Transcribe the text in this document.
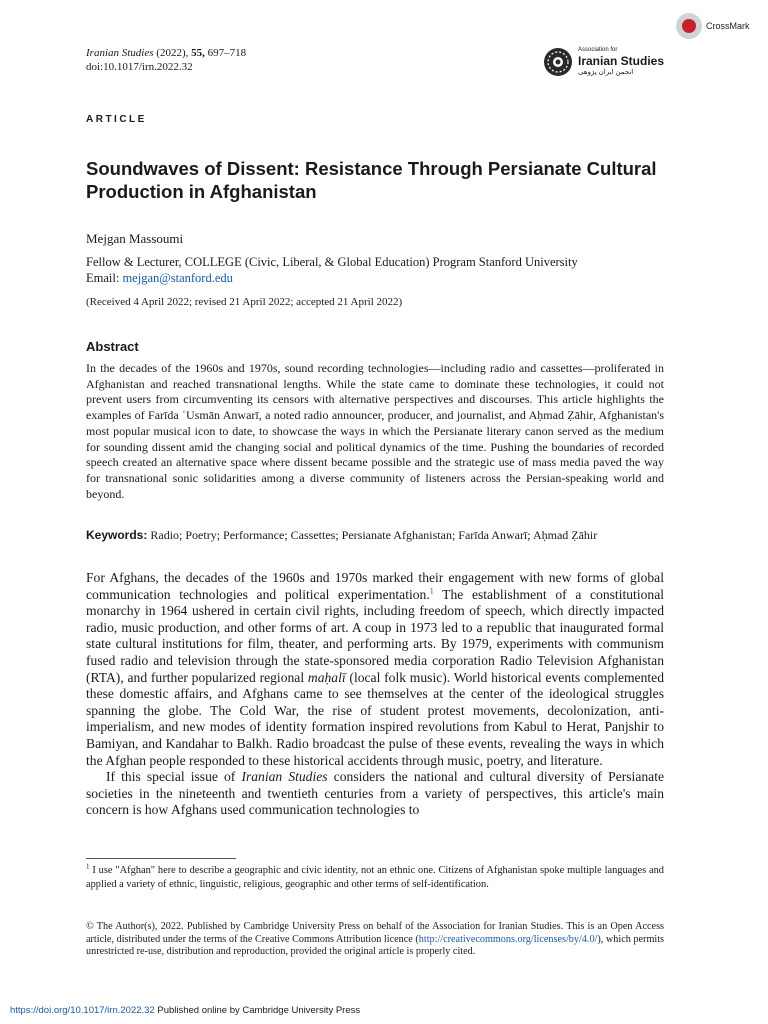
Iranian Studies (2022), 55, 697–718
doi:10.1017/irn.2022.32
CrossMark
Association for
Iranian Studies
انجمن ایران پژوهی
ARTICLE
Soundwaves of Dissent: Resistance Through Persianate Cultural Production in Afghanistan
Mejgan Massoumi
Fellow & Lecturer, COLLEGE (Civic, Liberal, & Global Education) Program Stanford University
Email: mejgan@stanford.edu
(Received 4 April 2022; revised 21 April 2022; accepted 21 April 2022)
Abstract
In the decades of the 1960s and 1970s, sound recording technologies—including radio and cassettes—proliferated in Afghanistan and reached transnational lengths. While the state came to dominate these technologies, it could not prevent users from circumventing its censors with alternative perspectives and discourses. This article highlights the examples of Farīda ʿUsmān Anwarī, a noted radio announcer, producer, and journalist, and Aḥmad Ẓāhir, Afghanistan's most popular musical icon to date, to showcase the ways in which the Persianate literary canon served as the medium for sounding dissent amid the changing social and political dynamics of the time. Pushing the boundaries of recorded speech created an alternative space where dissent became possible and the strategic use of mass media paved the way for transnational sonic solidarities among a diverse community of listeners across the Persian-speaking world and beyond.
Keywords: Radio; Poetry; Performance; Cassettes; Persianate Afghanistan; Farīda Anwarī; Aḥmad Ẓāhir

For Afghans, the decades of the 1960s and 1970s marked their engagement with new forms of global communication technologies and political experimentation.$^1$ The establishment of a constitutional monarchy in 1964 ushered in certain civil rights, including freedom of speech, which directly impacted radio, music production, and other forms of art. A coup in 1973 led to a republic that inaugurated formal state cultural institutions for film, theater, and performing arts. By 1979, experiments with communism fused radio and television through the state-sponsored media corporation Radio Television Afghanistan (RTA), and further popularized regional maḥalī (local folk music). World historical events complemented these domestic affairs, and Afghans came to see themselves at the center of the ideological struggles spanning the globe. The Cold War, the rise of student protest movements, decolonization, anti-imperialism, and new modes of identity formation inspired revolutions from Kabul to Herat, Panjshir to Bamiyan, and Kandahar to Balkh. Radio broadcast the pulse of these events, revealing the ways in which the Afghan people responded to these historical accidents through music, poetry, and literature.

If this special issue of Iranian Studies considers the national and cultural diversity of Persianate societies in the nineteenth and twentieth centuries from a variety of perspectives, this article's main concern is how Afghans used communication technologies to

$^1$ I use "Afghan" here to describe a geographic and civic identity, not an ethnic one. Citizens of Afghanistan spoke multiple languages and applied a variety of ethnic, linguistic, religious, geographic and other terms of self-identification.
© The Author(s), 2022. Published by Cambridge University Press on behalf of the Association for Iranian Studies. This is an Open Access article, distributed under the terms of the Creative Commons Attribution licence (http://creativecommons.org/licenses/by/4.0/), which permits unrestricted re-use, distribution and reproduction, provided the original article is properly cited.
https://doi.org/10.1017/irn.2022.32 Published online by Cambridge University Press
